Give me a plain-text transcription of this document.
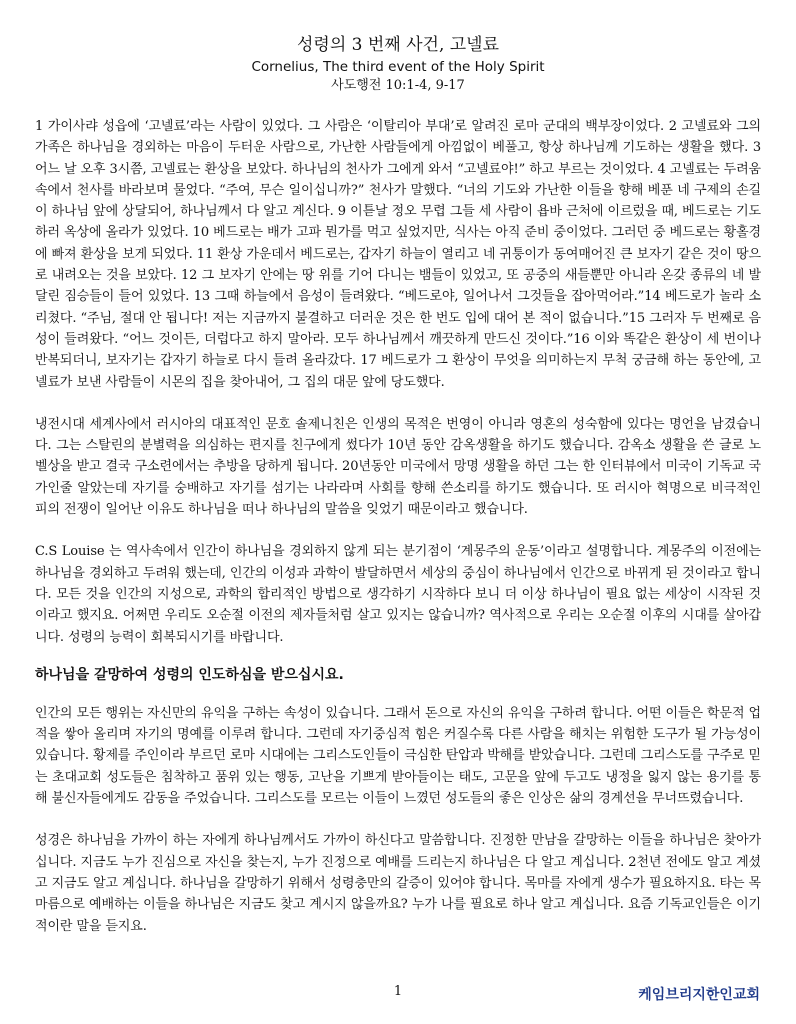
성령의 3 번째 사건, 고넬료

Cornelius, The third event of the Holy Spirit

사도행전 10:1-4, 9-17

1 가이사랴 성읍에 ‘고넬료’라는 사람이 있었다. 그 사람은 ‘이탈리아 부대’로 알려진 로마 군대의 백부장이었다. 2 고넬료와 그의 가족은 하나님을 경외하는 마음이 두터운 사람으로, 가난한 사람들에게 아낌없이 베풀고, 항상 하나님께 기도하는 생활을 했다. 3 어느 날 오후 3시쯤, 고넬료는 환상을 보았다. 하나님의 천사가 그에게 와서 “고넬료야!” 하고 부르는 것이었다. 4 고넬료는 두려움 속에서 천사를 바라보며 물었다. “주여, 무슨 일이십니까?” 천사가 말했다. “너의 기도와 가난한 이들을 향해 베푼 네 구제의 손길이 하나님 앞에 상달되어, 하나님께서 다 알고 계신다. 9 이튿날 정오 무렵 그들 세 사람이 욥바 근처에 이르렀을 때, 베드로는 기도하러 옥상에 올라가 있었다. 10 베드로는 배가 고파 뭔가를 먹고 싶었지만, 식사는 아직 준비 중이었다. 그러던 중 베드로는 황홀경에 빠져 환상을 보게 되었다. 11 환상 가운데서 베드로는, 갑자기 하늘이 열리고 네 귀퉁이가 동여매어진 큰 보자기 같은 것이 땅으로 내려오는 것을 보았다. 12 그 보자기 안에는 땅 위를 기어 다니는 뱀들이 있었고, 또 공중의 새들뿐만 아니라 온갖 종류의 네 발 달린 짐승들이 들어 있었다. 13 그때 하늘에서 음성이 들려왔다. “베드로야, 일어나서 그것들을 잡아먹어라.”14 베드로가 놀라 소리쳤다. “주님, 절대 안 됩니다! 저는 지금까지 불결하고 더러운 것은 한 번도 입에 대어 본 적이 없습니다.”15 그러자 두 번째로 음성이 들려왔다. “어느 것이든, 더럽다고 하지 말아라. 모두 하나님께서 깨끗하게 만드신 것이다.”16 이와 똑같은 환상이 세 번이나 반복되더니, 보자기는 갑자기 하늘로 다시 들려 올라갔다. 17 베드로가 그 환상이 무엇을 의미하는지 무척 궁금해 하는 동안에, 고넬료가 보낸 사람들이 시몬의 집을 찾아내어, 그 집의 대문 앞에 당도했다.

냉전시대 세계사에서 러시아의 대표적인 문호 솔제니친은 인생의 목적은 번영이 아니라 영혼의 성숙함에 있다는 명언을 남겼습니다. 그는 스탈린의 분별력을 의심하는 편지를 친구에게 썼다가 10년 동안 감옥생활을 하기도 했습니다. 감옥소 생활을 쓴 글로 노벨상을 받고 결국 구소련에서는 추방을 당하게 됩니다. 20년동안 미국에서 망명 생활을 하던 그는 한 인터뷰에서 미국이 기독교 국가인줄 알았는데 자기를 숭배하고 자기를 섬기는 나라라며 사회를 향해 쓴소리를 하기도 했습니다. 또 러시아 혁명으로 비극적인 피의 전쟁이 일어난 이유도 하나님을 떠나 하나님의 말씀을 잊었기 때문이라고 했습니다.

C.S Louise 는 역사속에서 인간이 하나님을 경외하지 않게 되는 분기점이 ‘계몽주의 운동’이라고 설명합니다. 계몽주의 이전에는 하나님을 경외하고 두려워 했는데, 인간의 이성과 과학이 발달하면서 세상의 중심이 하나님에서 인간으로 바뀌게 된 것이라고 합니다. 모든 것을 인간의 지성으로, 과학의 합리적인 방법으로 생각하기 시작하다 보니 더 이상 하나님이 필요 없는 세상이 시작된 것이라고 했지요. 어쩌면 우리도 오순절 이전의 제자들처럼 살고 있지는 않습니까? 역사적으로 우리는 오순절 이후의 시대를 살아갑니다. 성령의 능력이 회복되시기를 바랍니다.

하나님을 갈망하여 성령의 인도하심을 받으십시요.

인간의 모든 행위는 자신만의 유익을 구하는 속성이 있습니다. 그래서 돈으로 자신의 유익을 구하려 합니다. 어떤 이들은 학문적 업적을 쌓아 올리며 자기의 명예를 이루려 합니다. 그런데 자기중심적 힘은 커질수록 다른 사람을 해치는 위험한 도구가 될 가능성이 있습니다. 황제를 주인이라 부르던 로마 시대에는 그리스도인들이 극심한 탄압과 박해를 받았습니다. 그런데 그리스도를 구주로 믿는 초대교회 성도들은 침착하고 품위 있는 행동, 고난을 기쁘게 받아들이는 태도, 고문을 앞에 두고도 냉정을 잃지 않는 용기를 통해 불신자들에게도 감동을 주었습니다. 그리스도를 모르는 이들이 느꼈던 성도들의 좋은 인상은 삶의 경계선을 무너뜨렸습니다.

성경은 하나님을 가까이 하는 자에게 하나님께서도 가까이 하신다고 말씀합니다. 진정한 만남을 갈망하는 이들을 하나님은 찾아가십니다. 지금도 누가 진심으로 자신을 찾는지, 누가 진정으로 예배를 드리는지 하나님은 다 알고 계십니다. 2천년 전에도 알고 계셨고 지금도 알고 계십니다. 하나님을 갈망하기 위해서 성령충만의 갈증이 있어야 합니다. 목마를 자에게 생수가 필요하지요. 타는 목마름으로 예배하는 이들을 하나님은 지금도 찾고 계시지 않을까요? 누가 나를 필요로 하나 알고 계십니다. 요즘 기독교인들은 이기적이란 말을 듣지요.

1	케임브리지한인교회
